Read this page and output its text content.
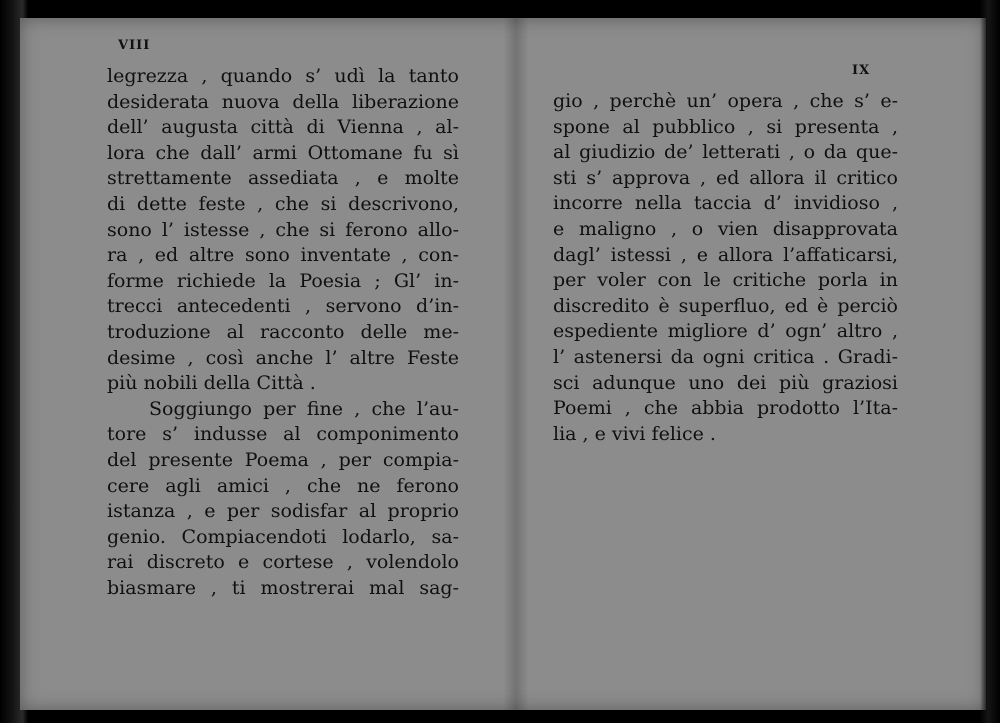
VIII
IX
legrezza , quando s’ udì la tanto
desiderata nuova della liberazione
dell’ augusta città di Vienna , al-
lora che dall’ armi Ottomane fu sì
strettamente assediata , e molte
di dette feste , che si descrivono,
sono l’ istesse , che si ferono allo-
ra , ed altre sono inventate , con-
forme richiede la Poesia ; Gl’ in-
trecci antecedenti , servono d’in-
troduzione al racconto delle me-
desime , così anche l’ altre Feste
più nobili della Città .
Soggiungo per fine , che l’au-
tore s’ indusse al componimento
del presente Poema , per compia-
cere agli amici , che ne ferono
istanza , e per sodisfar al proprio
genio. Compiacendoti lodarlo, sa-
rai discreto e cortese , volendolo
biasmare , ti mostrerai mal sag-
gio , perchè un’ opera , che s’ e-
spone al pubblico , si presenta ,
al giudizio de’ letterati , o da que-
sti s’ approva , ed allora il critico
incorre nella taccia d’ invidioso ,
e maligno , o vien disapprovata
dagl’ istessi , e allora l’affaticarsi,
per voler con le critiche porla in
discredito è superfluo, ed è perciò
espediente migliore d’ ogn’ altro ,
l’ astenersi da ogni critica . Gradi-
sci adunque uno dei più graziosi
Poemi , che abbia prodotto l’Ita-
lia , e vivi felice .
